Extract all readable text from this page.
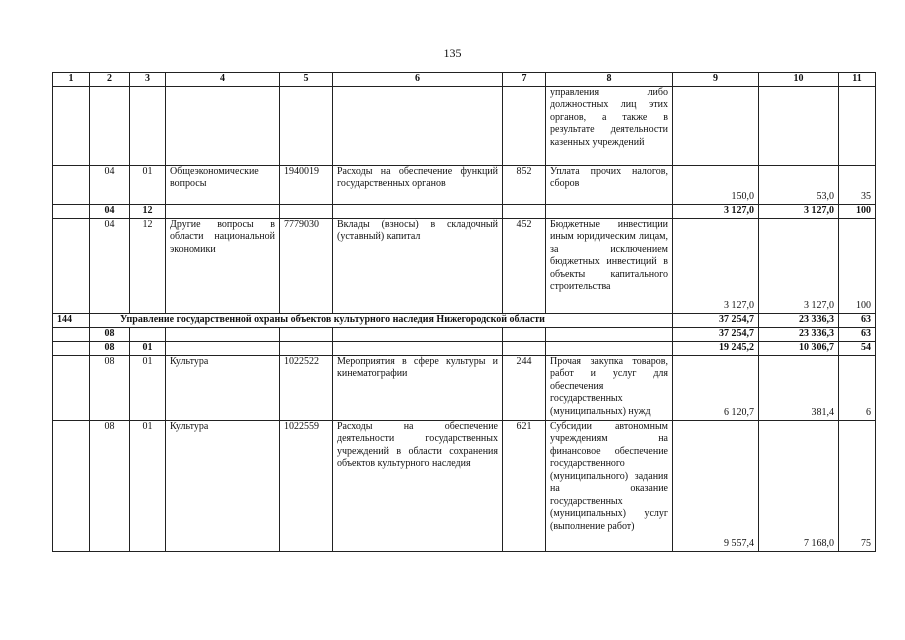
135
1	2	3	4	5	6	7	8	9	10	11
							управления либо должностных лиц этих органов, а также в результате деятельности казенных учреждений			
	04	01	Общеэкономические вопросы	1940019	Расходы на обеспечение функций государственных органов	852	Уплата прочих налогов, сборов	150,0	53,0	35
	04	12						3 127,0	3 127,0	100
	04	12	Другие вопросы в области национальной экономики	7779030	Вклады (взносы) в складочный (уставный) капитал	452	Бюджетные инвестиции иным юридическим лицам, за исключением бюджетных инвестиций в объекты капитального строительства	3 127,0	3 127,0	100
144	Управление государственной охраны объектов культурного наследия Нижегородской области							37 254,7	23 336,3	63
	08							37 254,7	23 336,3	63
	08	01						19 245,2	10 306,7	54
	08	01	Культура	1022522	Мероприятия в сфере культуры и кинематографии	244	Прочая закупка товаров, работ и услуг для обеспечения государственных (муниципальных) нужд	6 120,7	381,4	6
	08	01	Культура	1022559	Расходы на обеспечение деятельности государственных учреждений в области сохранения объектов культурного наследия	621	Субсидии автономным учреждениям на финансовое обеспечение государственного (муниципального) задания на оказание государственных (муниципальных) услуг (выполнение работ)	9 557,4	7 168,0	75
